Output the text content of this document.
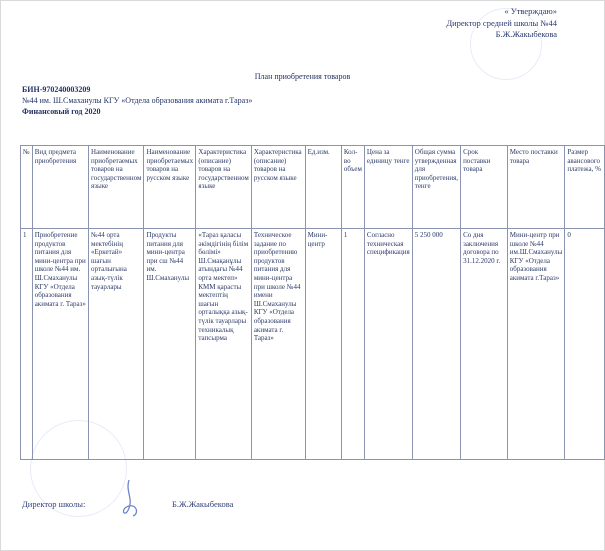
« Утверждаю»
Директор средней школы №44
Б.Ж.Жакыбекова
План приобретения товаров
БИН-970240003209
№44 им. Ш.Смаханулы КГУ «Отдела образования акимата г.Тараз»
Финансовый год 2020
№	Вид предмета приобретения	Наименование приобретаемых товаров на государственном языке	Наименование приобретаемых товаров на русском языке	Характеристика (описание) товаров на государственном языке	Характеристика (описание) товаров на русском языке	Ед.изм.	Кол-во объем	Цена за единицу тенге	Общая сумма утвержденная для приобретения, тенге	Срок поставки товара	Место поставки товара	Размер авансового платежа, %
1	Приобретение продуктов питания для мини-центра при школе №44 им. Ш.Смаханулы КГУ «Отдела образования акимата г. Тараз»	№44 орта мектебінің «Еркетай» шағын орталығына азық-түлік тауарлары	Продукты питания для мини-центра при сш №44 им. Ш.Смаханулы	«Тараз қаласы әкімдігінің білім бөлімі» Ш.Смақанұлы атындағы №44 орта мектеп» КММ қарасты мектептің шағын орталыққа азық-түлік тауарлары техникалық тапсырма	Техническое задание по приобретению продуктов питания для мини-центра при школе №44 имени Ш.Смаханулы КГУ «Отдела образования акимата г. Тараз»	Мини-центр	1	Согласно техническая спецификация	5 250 000	Со дня заключения договора по 31.12.2020 г.	Мини-центр при школе №44 им.Ш.Смаханулы КГУ «Отдела образования акимата г.Тараз»	0
Директор школы:	Б.Ж.Жакыбекова
